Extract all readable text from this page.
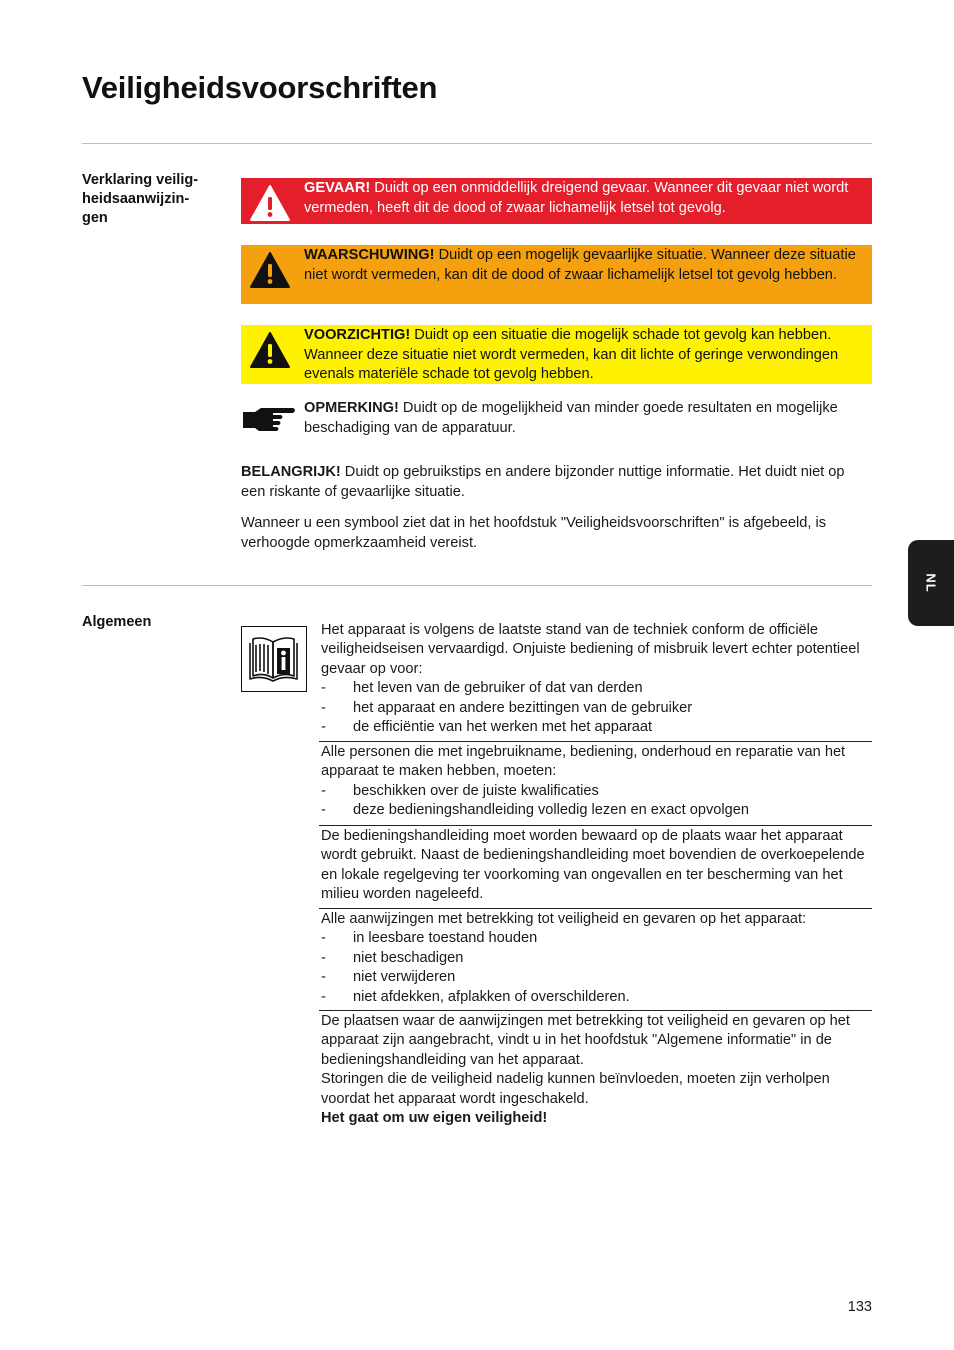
Veiligheidsvoorschriften
Verklaring veilig-
heidsaanwijzin-
gen

GEVAAR! Duidt op een onmiddellijk dreigend gevaar. Wanneer dit gevaar niet wordt vermeden, heeft dit de dood of zwaar lichamelijk letsel tot gevolg.

WAARSCHUWING! Duidt op een mogelijk gevaarlijke situatie. Wanneer deze situatie niet wordt vermeden, kan dit de dood of zwaar lichamelijk letsel tot gevolg hebben.

VOORZICHTIG! Duidt op een situatie die mogelijk schade tot gevolg kan hebben. Wanneer deze situatie niet wordt vermeden, kan dit lichte of geringe verwondingen evenals materiële schade tot gevolg hebben.

OPMERKING! Duidt op de mogelijkheid van minder goede resultaten en mogelijke beschadiging van de apparatuur.

BELANGRIJK! Duidt op gebruikstips en andere bijzonder nuttige informatie. Het duidt niet op een riskante of gevaarlijke situatie.

Wanneer u een symbool ziet dat in het hoofdstuk "Veiligheidsvoorschriften" is afgebeeld, is verhoogde opmerkzaamheid vereist.

Algemeen	Het apparaat is volgens de laatste stand van de techniek conform de officiële veiligheidseisen vervaardigd. Onjuiste bediening of misbruik levert echter potentieel gevaar op voor:

- het leven van de gebruiker of dat van derden

- het apparaat en andere bezittingen van de gebruiker

- de efficiëntie van het werken met het apparaat

Alle personen die met ingebruikname, bediening, onderhoud en reparatie van het apparaat te maken hebben, moeten:

- beschikken over de juiste kwalificaties

- deze bedieningshandleiding volledig lezen en exact opvolgen

De bedieningshandleiding moet worden bewaard op de plaats waar het apparaat wordt gebruikt. Naast de bedieningshandleiding moet bovendien de overkoepelende en lokale regelgeving ter voorkoming van ongevallen en ter bescherming van het milieu worden nageleefd.

Alle aanwijzingen met betrekking tot veiligheid en gevaren op het apparaat:

- in leesbare toestand houden

- niet beschadigen

- niet verwijderen

- niet afdekken, afplakken of overschilderen.

De plaatsen waar de aanwijzingen met betrekking tot veiligheid en gevaren op het apparaat zijn aangebracht, vindt u in het hoofdstuk "Algemene informatie" in de bedieningshandleiding van het apparaat.

Storingen die de veiligheid nadelig kunnen beïnvloeden, moeten zijn verholpen voordat het apparaat wordt ingeschakeld.

Het gaat om uw eigen veiligheid!

NL
133
